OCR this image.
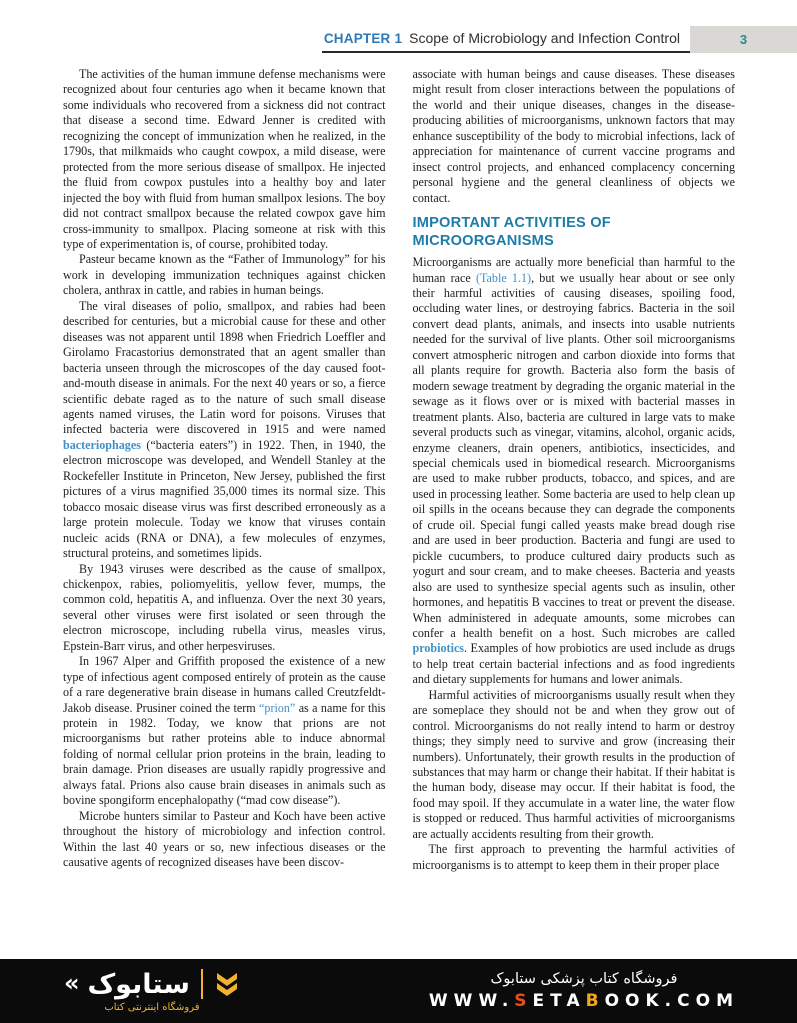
CHAPTER 1 Scope of Microbiology and Infection Control	3

The activities of the human immune defense mechanisms were recognized about four centuries ago when it became known that some individuals who recovered from a sickness did not contract that disease a second time. Edward Jenner is credited with recognizing the concept of immunization when he realized, in the 1790s, that milkmaids who caught cowpox, a mild disease, were protected from the more serious disease of smallpox. He injected the fluid from cowpox pustules into a healthy boy and later injected the boy with fluid from human smallpox lesions. The boy did not contract smallpox because the related cowpox gave him cross-immunity to smallpox. Placing someone at risk with this type of experimentation is, of course, prohibited today.

Pasteur became known as the “Father of Immunology” for his work in developing immunization techniques against chicken cholera, anthrax in cattle, and rabies in human beings.

The viral diseases of polio, smallpox, and rabies had been described for centuries, but a microbial cause for these and other diseases was not apparent until 1898 when Friedrich Loeffler and Girolamo Fracastorius demonstrated that an agent smaller than bacteria unseen through the microscopes of the day caused foot-and-mouth disease in animals. For the next 40 years or so, a fierce scientific debate raged as to the nature of such small disease agents named viruses, the Latin word for poisons. Viruses that infected bacteria were discovered in 1915 and were named bacteriophages (“bacteria eaters”) in 1922. Then, in 1940, the electron microscope was developed, and Wendell Stanley at the Rockefeller Institute in Princeton, New Jersey, published the first pictures of a virus magnified 35,000 times its normal size. This tobacco mosaic disease virus was first described erroneously as a large protein molecule. Today we know that viruses contain nucleic acids (RNA or DNA), a few molecules of enzymes, structural proteins, and sometimes lipids.

By 1943 viruses were described as the cause of smallpox, chickenpox, rabies, poliomyelitis, yellow fever, mumps, the common cold, hepatitis A, and influenza. Over the next 30 years, several other viruses were first isolated or seen through the electron microscope, including rubella virus, measles virus, Epstein-Barr virus, and other herpesviruses.

In 1967 Alper and Griffith proposed the existence of a new type of infectious agent composed entirely of protein as the cause of a rare degenerative brain disease in humans called Creutzfeldt-Jakob disease. Prusiner coined the term “prion” as a name for this protein in 1982. Today, we know that prions are not microorganisms but rather proteins able to induce abnormal folding of normal cellular prion proteins in the brain, leading to brain damage. Prion diseases are usually rapidly progressive and always fatal. Prions also cause brain diseases in animals such as bovine spongiform encephalopathy (“mad cow disease”).

Microbe hunters similar to Pasteur and Koch have been active throughout the history of microbiology and infection control. Within the last 40 years or so, new infectious diseases or the causative agents of recognized diseases have been discov-

associate with human beings and cause diseases. These diseases might result from closer interactions between the populations of the world and their unique diseases, changes in the disease-producing abilities of microorganisms, unknown factors that may enhance susceptibility of the body to microbial infections, lack of appreciation for maintenance of current vaccine programs and insect control projects, and enhanced complacency concerning personal hygiene and the general cleanliness of objects we contact.

IMPORTANT ACTIVITIES OF MICROORGANISMS

Microorganisms are actually more beneficial than harmful to the human race (Table 1.1), but we usually hear about or see only their harmful activities of causing diseases, spoiling food, occluding water lines, or destroying fabrics. Bacteria in the soil convert dead plants, animals, and insects into usable nutrients needed for the survival of live plants. Other soil microorganisms convert atmospheric nitrogen and carbon dioxide into forms that all plants require for growth. Bacteria also form the basis of modern sewage treatment by degrading the organic material in the sewage as it flows over or is mixed with bacterial masses in treatment plants. Also, bacteria are cultured in large vats to make several products such as vinegar, vitamins, alcohol, organic acids, enzyme cleaners, drain openers, antibiotics, insecticides, and special chemicals used in biomedical research. Microorganisms are used to make rubber products, tobacco, and spices, and are used in processing leather. Some bacteria are used to help clean up oil spills in the oceans because they can degrade the components of crude oil. Special fungi called yeasts make bread dough rise and are used in beer production. Bacteria and fungi are used to pickle cucumbers, to produce cultured dairy products such as yogurt and sour cream, and to make cheeses. Bacteria and yeasts also are used to synthesize special agents such as insulin, other hormones, and hepatitis B vaccines to treat or prevent the disease. When administered in adequate amounts, some microbes can confer a health benefit on a host. Such microbes are called probiotics. Examples of how probiotics are used include as drugs to help treat certain bacterial infections and as food ingredients and dietary supplements for humans and lower animals.

Harmful activities of microorganisms usually result when they are someplace they should not be and when they grow out of control. Microorganisms do not really intend to harm or destroy things; they simply need to survive and grow (increasing their numbers). Unfortunately, their growth results in the production of substances that may harm or change their habitat. If their habitat is the human body, disease may occur. If their habitat is food, the food may spoil. If they accumulate in a water line, the water flow is stopped or reduced. Thus harmful activities of microorganisms are actually accidents resulting from their growth.

The first approach to preventing the harmful activities of microorganisms is to attempt to keep them in their proper place

« ستابوک
فروشگاه اینترنتی کتاب
فروشگاه کتاب پزشکی ستابوک
WWW.SETABOOK.COM
